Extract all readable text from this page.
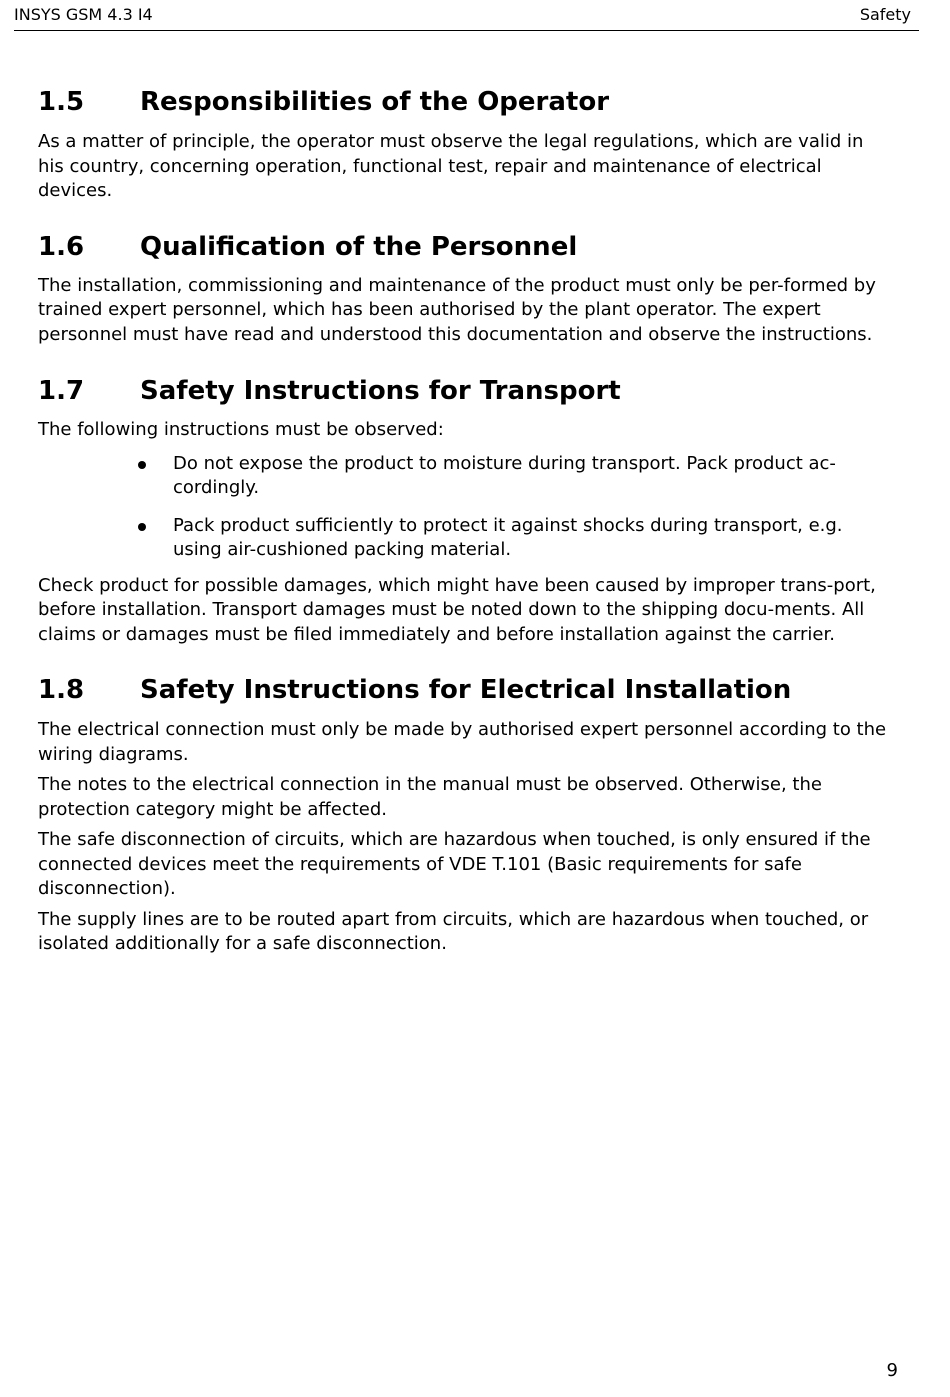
INSYS GSM 4.3 I4	Safety
1.5	Responsibilities of the Operator

As a matter of principle, the operator must observe the legal regulations, which are valid in his country, concerning operation, functional test, repair and maintenance of electrical devices.

1.6	Qualification of the Personnel

The installation, commissioning and maintenance of the product must only be per-formed by trained expert personnel, which has been authorised by the plant operator. The expert personnel must have read and understood this documentation and observe the instructions.

1.7	Safety Instructions for Transport

The following instructions must be observed:

Do not expose the product to moisture during transport. Pack product ac-cordingly.
Pack product sufficiently to protect it against shocks during transport, e.g. using air-cushioned packing material.

Check product for possible damages, which might have been caused by improper trans-port, before installation. Transport damages must be noted down to the shipping docu-ments. All claims or damages must be filed immediately and before installation against the carrier.

1.8	Safety Instructions for Electrical Installation

The electrical connection must only be made by authorised expert personnel according to the wiring diagrams.

The notes to the electrical connection in the manual must be observed. Otherwise, the protection category might be affected.

The safe disconnection of circuits, which are hazardous when touched, is only ensured if the connected devices meet the requirements of VDE T.101 (Basic requirements for safe disconnection).

The supply lines are to be routed apart from circuits, which are hazardous when touched, or isolated additionally for a safe disconnection.

9
